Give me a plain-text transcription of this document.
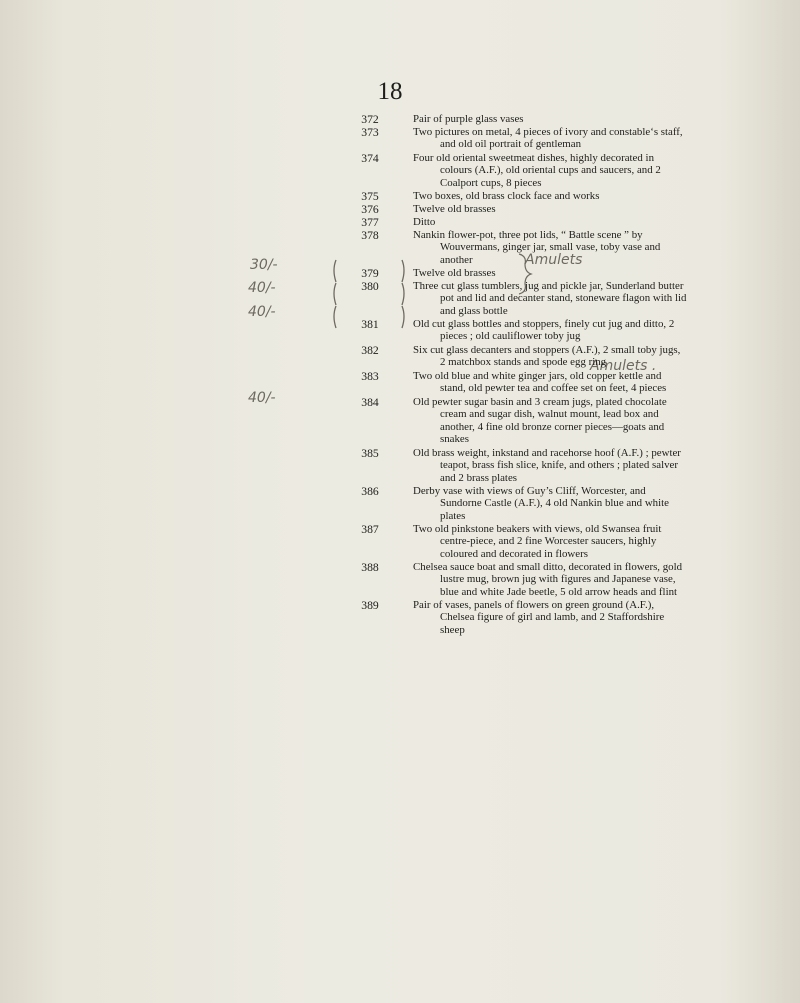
18
30/-
40/-
40/-
40/-
Amulets
Amulets .
372	Pair of purple glass vases
373	Two pictures on metal, 4 pieces of ivory and constable‘s staff, and old oil portrait of gentleman
374	Four old oriental sweetmeat dishes, highly decorated in colours (A.F.), old oriental cups and saucers, and 2 Coalport cups, 8 pieces
375	Two boxes, old brass clock face and works
376	Twelve old brasses
377	Ditto
378	Nankin flower-pot, three pot lids, “ Battle scene ” by Wouvermans, ginger jar, small vase, toby vase and another
379	Twelve old brasses
380	Three cut glass tumblers, jug and pickle jar, Sunderland butter pot and lid and decanter stand, stoneware flagon with lid and glass bottle
381	Old cut glass bottles and stoppers, finely cut jug and ditto, 2 pieces ; old cauliflower toby jug
382	Six cut glass decanters and stoppers (A.F.), 2 small toby jugs, 2 matchbox stands and spode egg ring
383	Two old blue and white ginger jars, old copper kettle and stand, old pewter tea and coffee set on feet, 4 pieces
384	Old pewter sugar basin and 3 cream jugs, plated chocolate cream and sugar dish, walnut mount, lead box and another, 4 fine old bronze corner pieces—goats and snakes
385	Old brass weight, inkstand and racehorse hoof (A.F.) ; pewter teapot, brass fish slice, knife, and others ; plated salver and 2 brass plates
386	Derby vase with views of Guy’s Cliff, Worcester, and Sundorne Castle (A.F.), 4 old Nankin blue and white plates
387	Two old pinkstone beakers with views, old Swansea fruit centre-piece, and 2 fine Worcester saucers, highly coloured and decorated in flowers
388	Chelsea sauce boat and small ditto, decorated in flowers, gold lustre mug, brown jug with figures and Japanese vase, blue and white Jade beetle, 5 old arrow heads and flint
389	Pair of vases, panels of flowers on green ground (A.F.), Chelsea figure of girl and lamb, and 2 Staffordshire sheep
